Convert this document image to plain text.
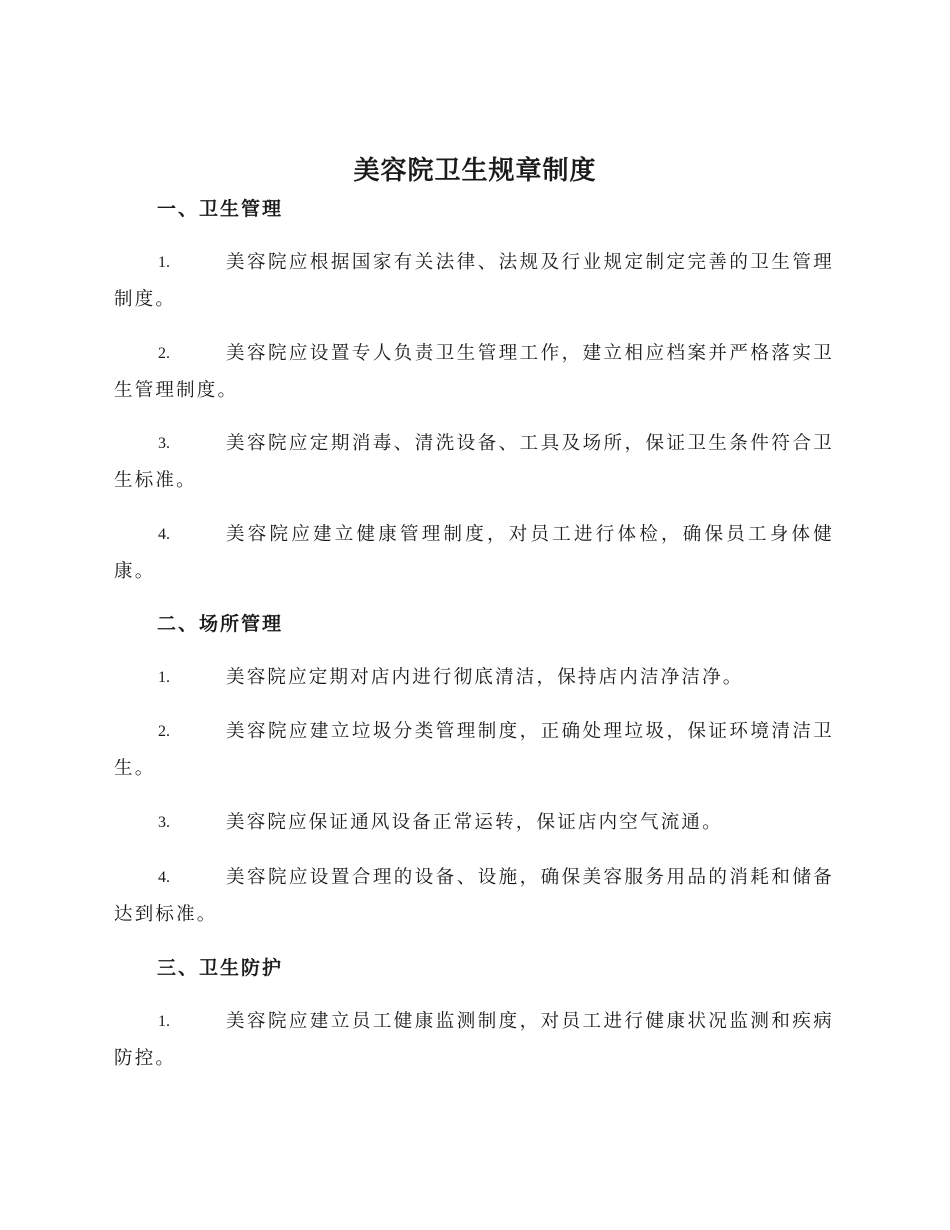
美容院卫生规章制度
一、卫生管理
1.	美容院应根据国家有关法律、法规及行业规定制定完善的卫生管理制度。
2.	美容院应设置专人负责卫生管理工作，建立相应档案并严格落实卫生管理制度。
3.	美容院应定期消毒、清洗设备、工具及场所，保证卫生条件符合卫生标准。
4.	美容院应建立健康管理制度，对员工进行体检，确保员工身体健康。
二、场所管理
1.	美容院应定期对店内进行彻底清洁，保持店内洁净洁净。
2.	美容院应建立垃圾分类管理制度，正确处理垃圾，保证环境清洁卫生。
3.	美容院应保证通风设备正常运转，保证店内空气流通。
4.	美容院应设置合理的设备、设施，确保美容服务用品的消耗和储备达到标准。
三、卫生防护
1.	美容院应建立员工健康监测制度，对员工进行健康状况监测和疾病防控。
